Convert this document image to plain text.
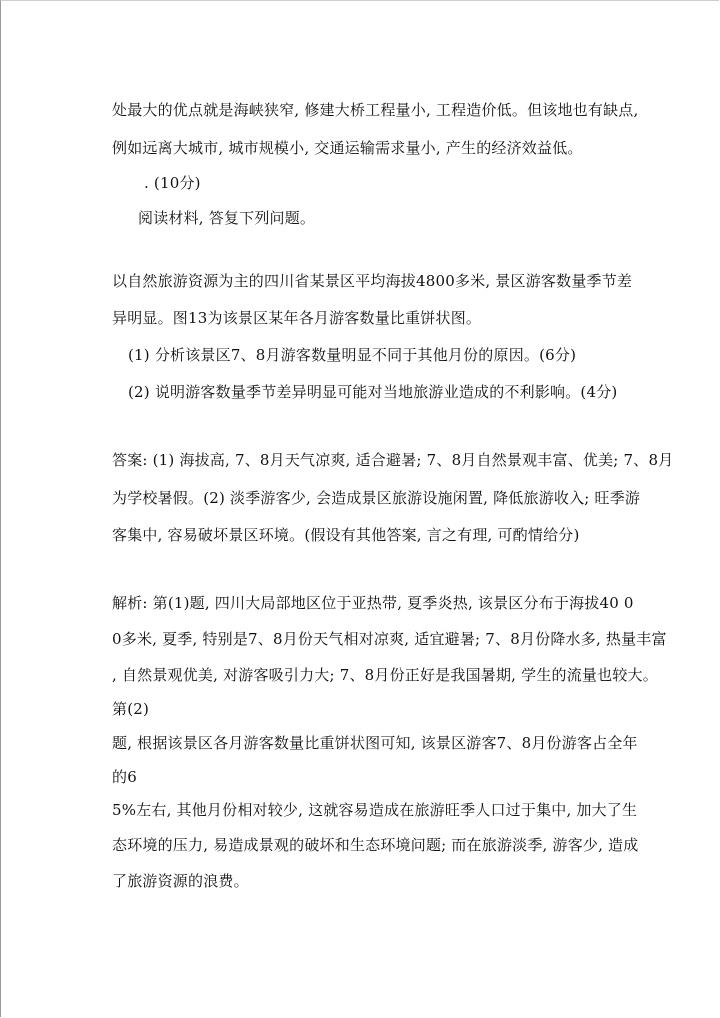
处最大的优点就是海峡狭窄, 修建大桥工程量小, 工程造价低。但该地也有缺点,
例如远离大城市, 城市规模小, 交通运输需求量小, 产生的经济效益低。
. (10分)
阅读材料, 答复下列问题。
以自然旅游资源为主的四川省某景区平均海拔4800多米, 景区游客数量季节差
异明显。图13为该景区某年各月游客数量比重饼状图。
(1) 分析该景区7、8月游客数量明显不同于其他月份的原因。(6分)
(2) 说明游客数量季节差异明显可能对当地旅游业造成的不利影响。(4分)
答案: (1) 海拔高, 7、8月天气凉爽, 适合避暑; 7、8月自然景观丰富、优美; 7、8月
为学校暑假。(2) 淡季游客少, 会造成景区旅游设施闲置, 降低旅游收入; 旺季游
客集中, 容易破坏景区环境。(假设有其他答案, 言之有理, 可酌情给分)
解析: 第(1)题, 四川大局部地区位于亚热带, 夏季炎热, 该景区分布于海拔40 0
0多米, 夏季, 特别是7、8月份天气相对凉爽, 适宜避暑; 7、8月份降水多, 热量丰富
, 自然景观优美, 对游客吸引力大; 7、8月份正好是我国暑期, 学生的流量也较大。
第(2)
题, 根据该景区各月游客数量比重饼状图可知, 该景区游客7、8月份游客占全年
的6
5%左右, 其他月份相对较少, 这就容易造成在旅游旺季人口过于集中, 加大了生
态环境的压力, 易造成景观的破坏和生态环境问题; 而在旅游淡季, 游客少, 造成
了旅游资源的浪费。
